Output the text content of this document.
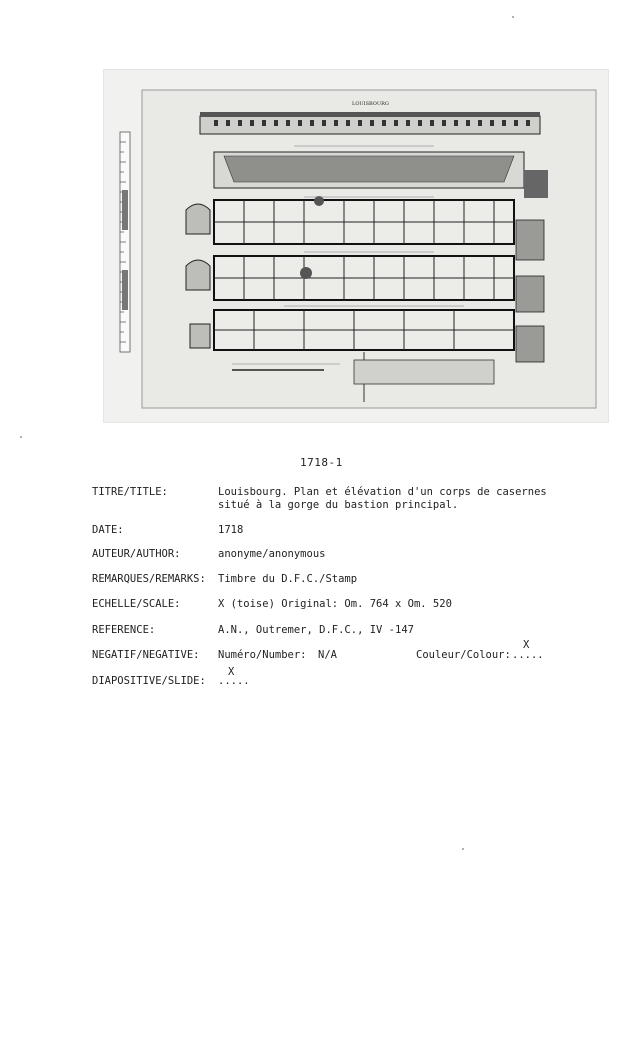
LOUISBOURG
1718-1
TITRE/TITLE:	Louisbourg. Plan et élévation d'un corps de casernes situé à la gorge du bastion principal.
DATE:	1718
AUTEUR/AUTHOR:	anonyme/anonymous
REMARQUES/REMARKS: Timbre du D.F.C./Stamp
ECHELLE/SCALE:	X (toise) Original: Om. 764 x Om. 520
REFERENCE:	A.N., Outremer, D.F.C., IV -147
NEGATIF/NEGATIVE: Numéro/Number: N/A	Couleur/Colour: .....
X
DIAPOSITIVE/SLIDE: .....
X
